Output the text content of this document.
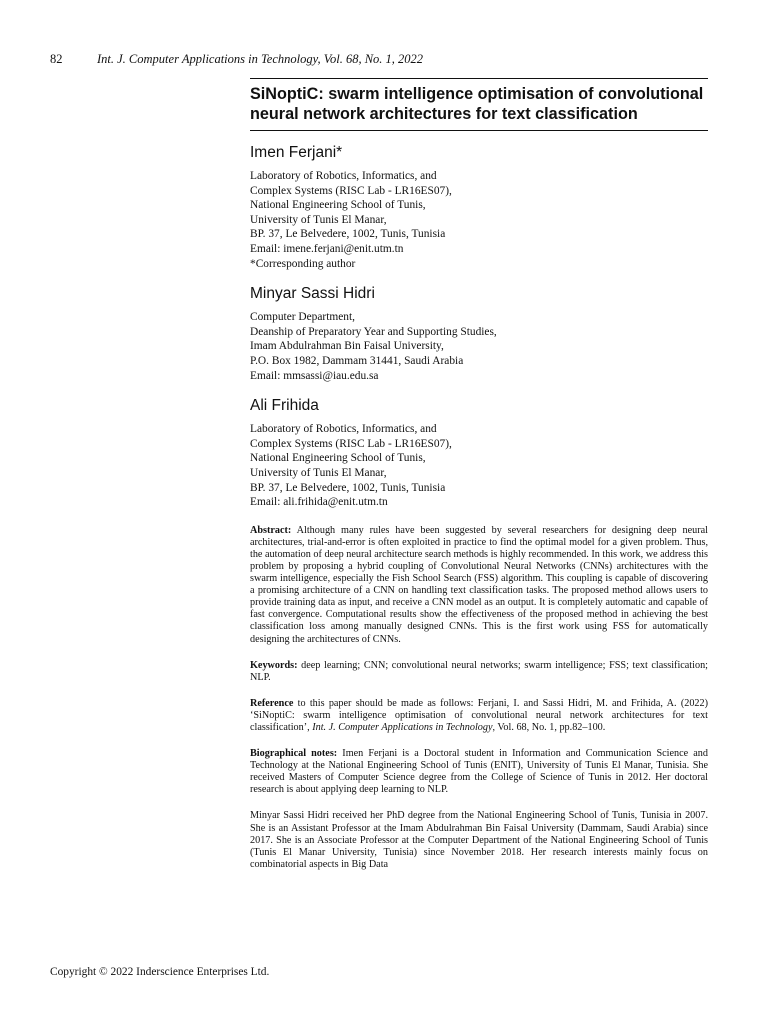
82	Int. J. Computer Applications in Technology, Vol. 68, No. 1, 2022
SiNoptiC: swarm intelligence optimisation of convolutional neural network architectures for text classification
Imen Ferjani*
Laboratory of Robotics, Informatics, and
Complex Systems (RISC Lab - LR16ES07),
National Engineering School of Tunis,
University of Tunis El Manar,
BP. 37, Le Belvedere, 1002, Tunis, Tunisia
Email: imene.ferjani@enit.utm.tn
*Corresponding author
Minyar Sassi Hidri
Computer Department,
Deanship of Preparatory Year and Supporting Studies,
Imam Abdulrahman Bin Faisal University,
P.O. Box 1982, Dammam 31441, Saudi Arabia
Email: mmsassi@iau.edu.sa
Ali Frihida
Laboratory of Robotics, Informatics, and
Complex Systems (RISC Lab - LR16ES07),
National Engineering School of Tunis,
University of Tunis El Manar,
BP. 37, Le Belvedere, 1002, Tunis, Tunisia
Email: ali.frihida@enit.utm.tn
Abstract: Although many rules have been suggested by several researchers for designing deep neural architectures, trial-and-error is often exploited in practice to find the optimal model for a given problem. Thus, the automation of deep neural architecture search methods is highly recommended. In this work, we address this problem by proposing a hybrid coupling of Convolutional Neural Networks (CNNs) architectures with the swarm intelligence, especially the Fish School Search (FSS) algorithm. This coupling is capable of discovering a promising architecture of a CNN on handling text classification tasks. The proposed method allows users to provide training data as input, and receive a CNN model as an output. It is completely automatic and capable of fast convergence. Computational results show the effectiveness of the proposed method in achieving the best classification loss among manually designed CNNs. This is the first work using FSS for automatically designing the architectures of CNNs.
Keywords: deep learning; CNN; convolutional neural networks; swarm intelligence; FSS; text classification; NLP.
Reference to this paper should be made as follows: Ferjani, I. and Sassi Hidri, M. and Frihida, A. (2022) ‘SiNoptiC: swarm intelligence optimisation of convolutional neural network architectures for text classification’, Int. J. Computer Applications in Technology, Vol. 68, No. 1, pp.82–100.
Biographical notes: Imen Ferjani is a Doctoral student in Information and Communication Science and Technology at the National Engineering School of Tunis (ENIT), University of Tunis El Manar, Tunisia. She received Masters of Computer Science degree from the College of Science of Tunis in 2012. Her doctoral research is about applying deep learning to NLP.
Minyar Sassi Hidri received her PhD degree from the National Engineering School of Tunis, Tunisia in 2007. She is an Assistant Professor at the Imam Abdulrahman Bin Faisal University (Dammam, Saudi Arabia) since 2017. She is an Associate Professor at the Computer Department of the National Engineering School of Tunis (Tunis El Manar University, Tunisia) since November 2018. Her research interests mainly focus on combinatorial aspects in Big Data
Copyright © 2022 Inderscience Enterprises Ltd.
